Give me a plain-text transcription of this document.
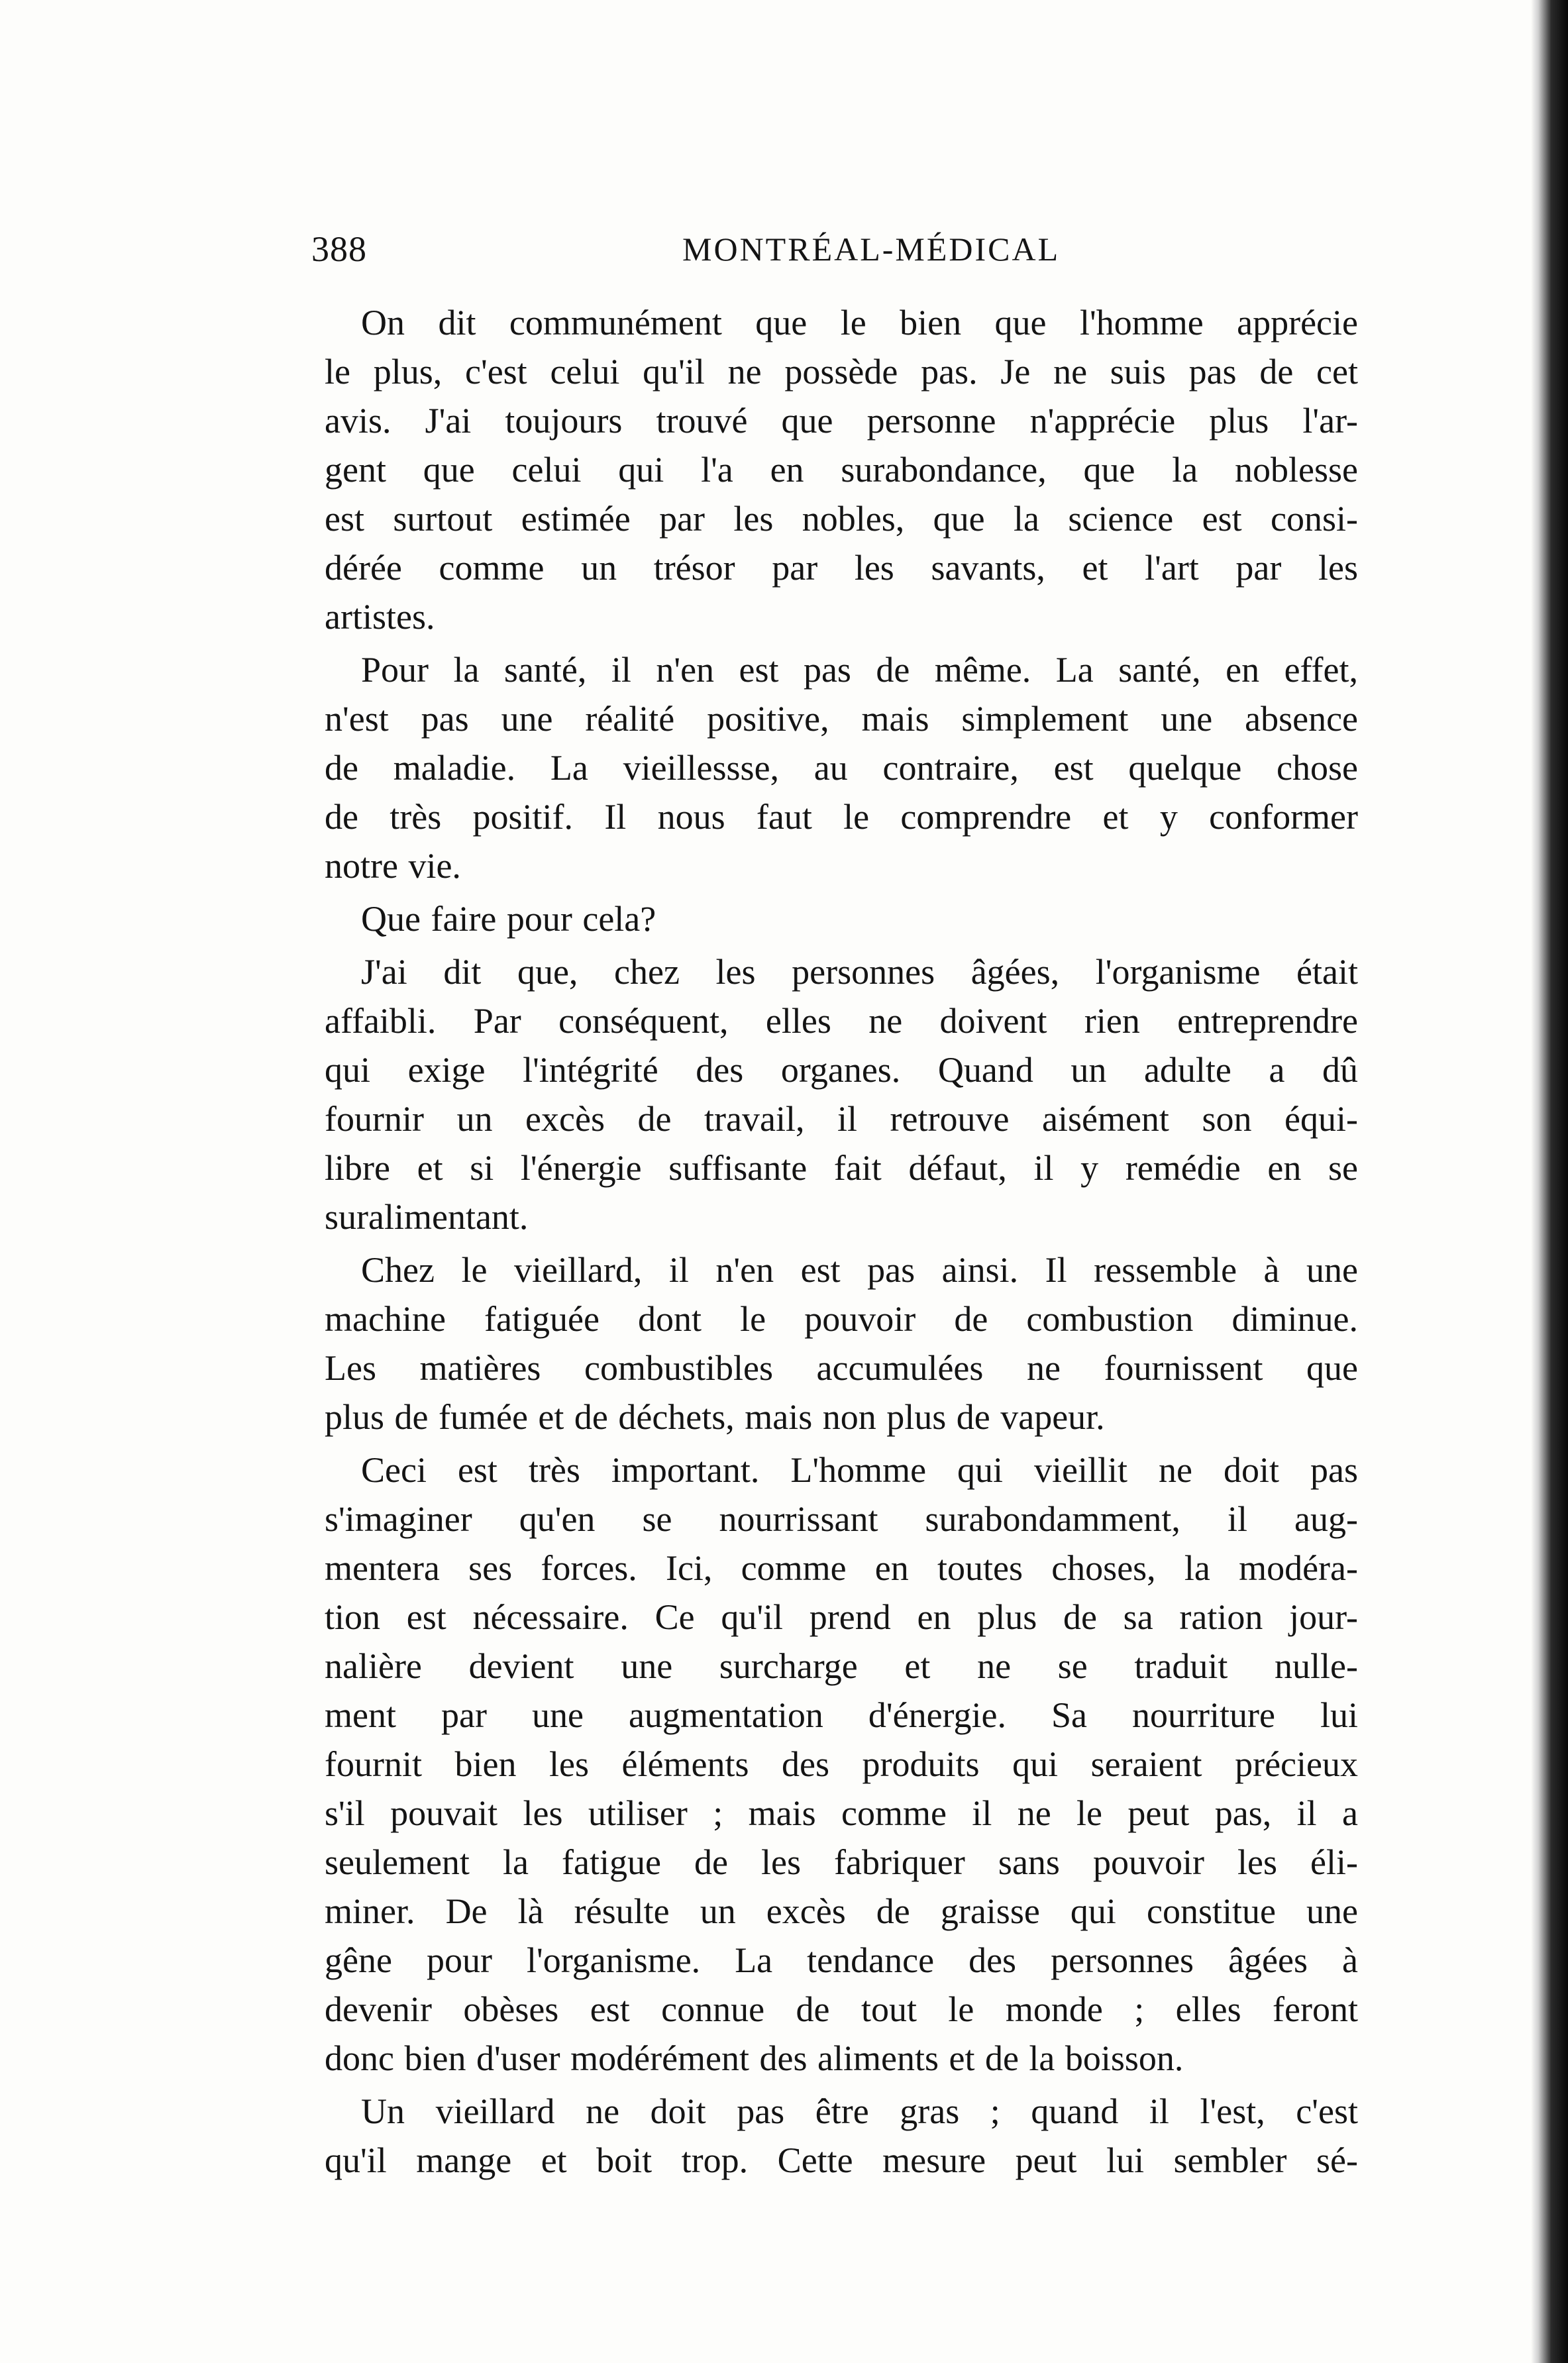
388	MONTRÉAL-MÉDICAL
On dit communément que le bien que l'homme apprécie
le plus, c'est celui qu'il ne possède pas. Je ne suis pas de cet
avis. J'ai toujours trouvé que personne n'apprécie plus l'ar-
gent que celui qui l'a en surabondance, que la noblesse
est surtout estimée par les nobles, que la science est consi-
dérée comme un trésor par les savants, et l'art par les
artistes.
Pour la santé, il n'en est pas de même. La santé, en effet,
n'est pas une réalité positive, mais simplement une absence
de maladie. La vieillessse, au contraire, est quelque chose
de très positif. Il nous faut le comprendre et y conformer
notre vie.
Que faire pour cela?
J'ai dit que, chez les personnes âgées, l'organisme était
affaibli. Par conséquent, elles ne doivent rien entreprendre
qui exige l'intégrité des organes. Quand un adulte a dû
fournir un excès de travail, il retrouve aisément son équi-
libre et si l'énergie suffisante fait défaut, il y remédie en se
suralimentant.
Chez le vieillard, il n'en est pas ainsi. Il ressemble à une
machine fatiguée dont le pouvoir de combustion diminue.
Les matières combustibles accumulées ne fournissent que
plus de fumée et de déchets, mais non plus de vapeur.
Ceci est très important. L'homme qui vieillit ne doit pas
s'imaginer qu'en se nourrissant surabondamment, il aug-
mentera ses forces. Ici, comme en toutes choses, la modéra-
tion est nécessaire. Ce qu'il prend en plus de sa ration jour-
nalière devient une surcharge et ne se traduit nulle-
ment par une augmentation d'énergie. Sa nourriture lui
fournit bien les éléments des produits qui seraient précieux
s'il pouvait les utiliser ; mais comme il ne le peut pas, il a
seulement la fatigue de les fabriquer sans pouvoir les éli-
miner. De là résulte un excès de graisse qui constitue une
gêne pour l'organisme. La tendance des personnes âgées à
devenir obèses est connue de tout le monde ; elles feront
donc bien d'user modérément des aliments et de la boisson.
Un vieillard ne doit pas être gras ; quand il l'est, c'est
qu'il mange et boit trop. Cette mesure peut lui sembler sé-
